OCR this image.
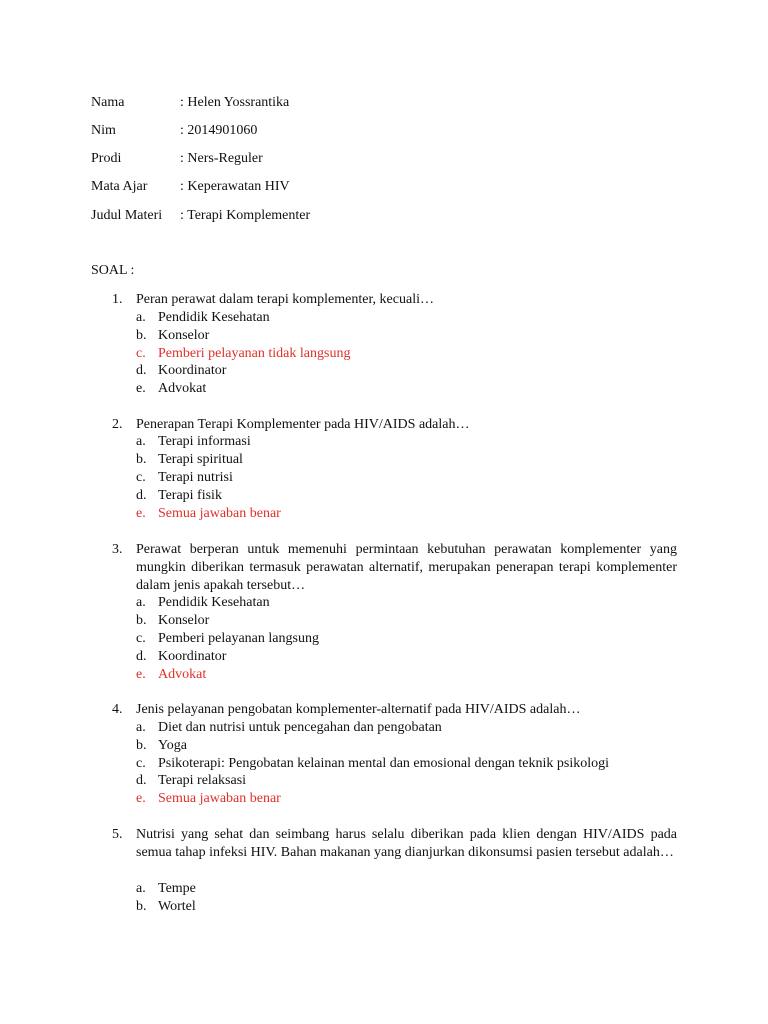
Nama	: Helen Yossrantika
Nim	: 2014901060
Prodi	: Ners-Reguler
Mata Ajar : Keperawatan HIV
Judul Materi : Terapi Komplementer
SOAL :
1. Peran perawat dalam terapi komplementer, kecuali…
a. Pendidik Kesehatan
b. Konselor
c. Pemberi pelayanan tidak langsung
d. Koordinator
e. Advokat
2. Penerapan Terapi Komplementer pada HIV/AIDS adalah…
a. Terapi informasi
b. Terapi spiritual
c. Terapi nutrisi
d. Terapi fisik
e. Semua jawaban benar
3. Perawat berperan untuk memenuhi permintaan kebutuhan perawatan komplementer yang mungkin diberikan termasuk perawatan alternatif, merupakan penerapan terapi komplementer dalam jenis apakah tersebut…
a. Pendidik Kesehatan
b. Konselor
c. Pemberi pelayanan langsung
d. Koordinator
e. Advokat
4. Jenis pelayanan pengobatan komplementer-alternatif pada HIV/AIDS adalah…
a. Diet dan nutrisi untuk pencegahan dan pengobatan
b. Yoga
c. Psikoterapi: Pengobatan kelainan mental dan emosional dengan teknik psikologi
d. Terapi relaksasi
e. Semua jawaban benar
5. Nutrisi yang sehat dan seimbang harus selalu diberikan pada klien dengan HIV/AIDS pada semua tahap infeksi HIV. Bahan makanan yang dianjurkan dikonsumsi pasien tersebut adalah…
a. Tempe
b. Wortel
